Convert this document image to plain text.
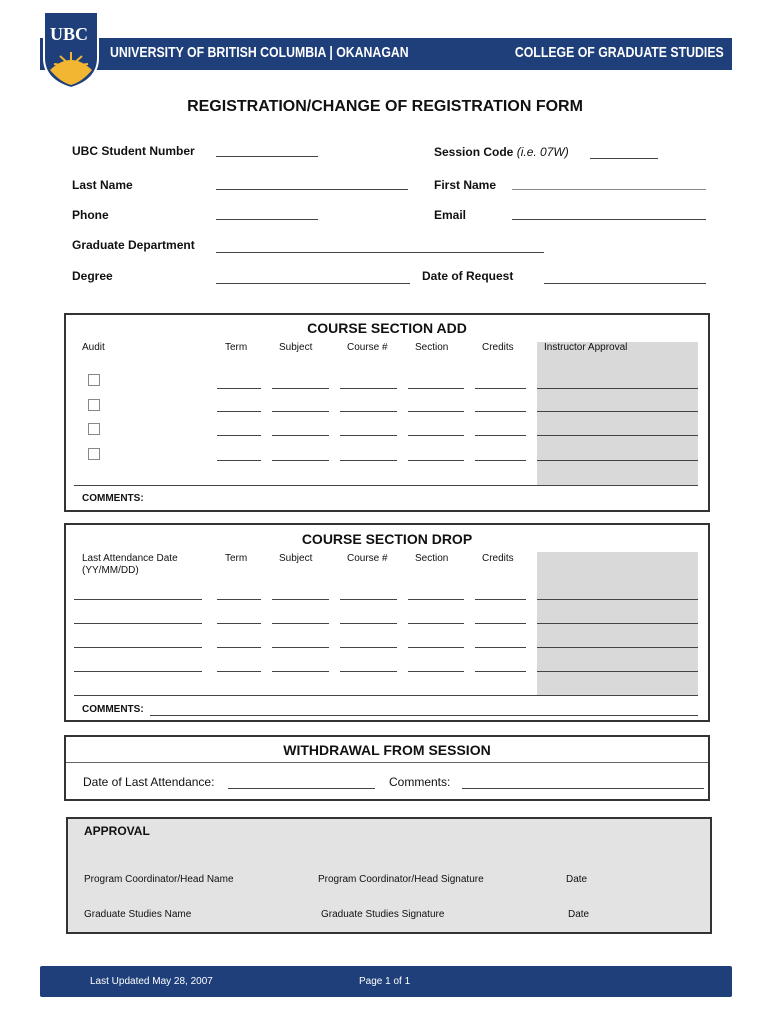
UBC
UNIVERSITY OF BRITISH COLUMBIA | OKANAGAN	COLLEGE OF GRADUATE STUDIES
REGISTRATION/CHANGE OF REGISTRATION FORM
UBC Student Number	Session Code (i.e. 07W)
Last Name	First Name
Phone	Email
Graduate Department
Degree	Date of Request
COURSE SECTION ADD
Audit	Term	Subject	Course #	Section	Credits	Instructor Approval
COMMENTS:
COURSE SECTION DROP
Last Attendance Date
(YY/MM/DD)
Term	Subject	Course #	Section	Credits
COMMENTS:
WITHDRAWAL FROM SESSION
Date of Last Attendance:	Comments:
APPROVAL
Program Coordinator/Head Name	Program Coordinator/Head Signature	Date
Graduate Studies Name	Graduate Studies Signature	Date
Last Updated May 28, 2007	Page 1 of 1
